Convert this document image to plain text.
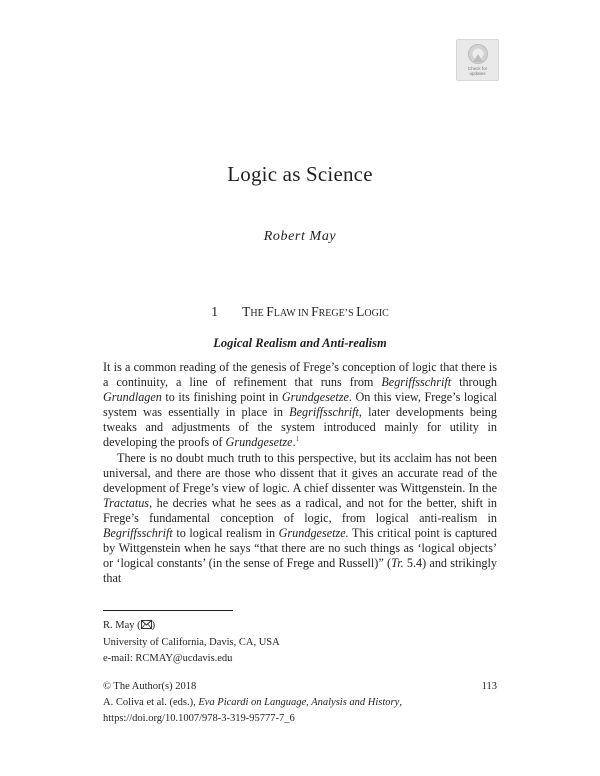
Check for updates
Logic as Science
Robert May
1 THE FLAW IN FREGE’S LOGIC
Logical Realism and Anti-realism

It is a common reading of the genesis of Frege’s conception of logic that there is a continuity, a line of refinement that runs from Begriffsschrift through Grundlagen to its finishing point in Grundgesetze. On this view, Frege’s logical system was essentially in place in Begriffsschrift, later developments being tweaks and adjustments of the system introduced mainly for utility in developing the proofs of Grundgesetze.$^1$

There is no doubt much truth to this perspective, but its acclaim has not been universal, and there are those who dissent that it gives an accurate read of the development of Frege’s view of logic. A chief dissenter was Wittgenstein. In the Tractatus, he decries what he sees as a radical, and not for the better, shift in Frege’s fundamental conception of logic, from logical anti-realism in Begriffsschrift to logical realism in Grundgesetze. This critical point is captured by Wittgenstein when he says “that there are no such things as ‘logical objects’ or ‘logical constants’ (in the sense of Frege and Russell)” (Tr. 5.4) and strikingly that

R. May ( )
University of California, Davis, CA, USA
e-mail: RCMAY@ucdavis.edu
© The Author(s) 2018	113
A. Coliva et al. (eds.), Eva Picardi on Language, Analysis and History,
https://doi.org/10.1007/978-3-319-95777-7_6
